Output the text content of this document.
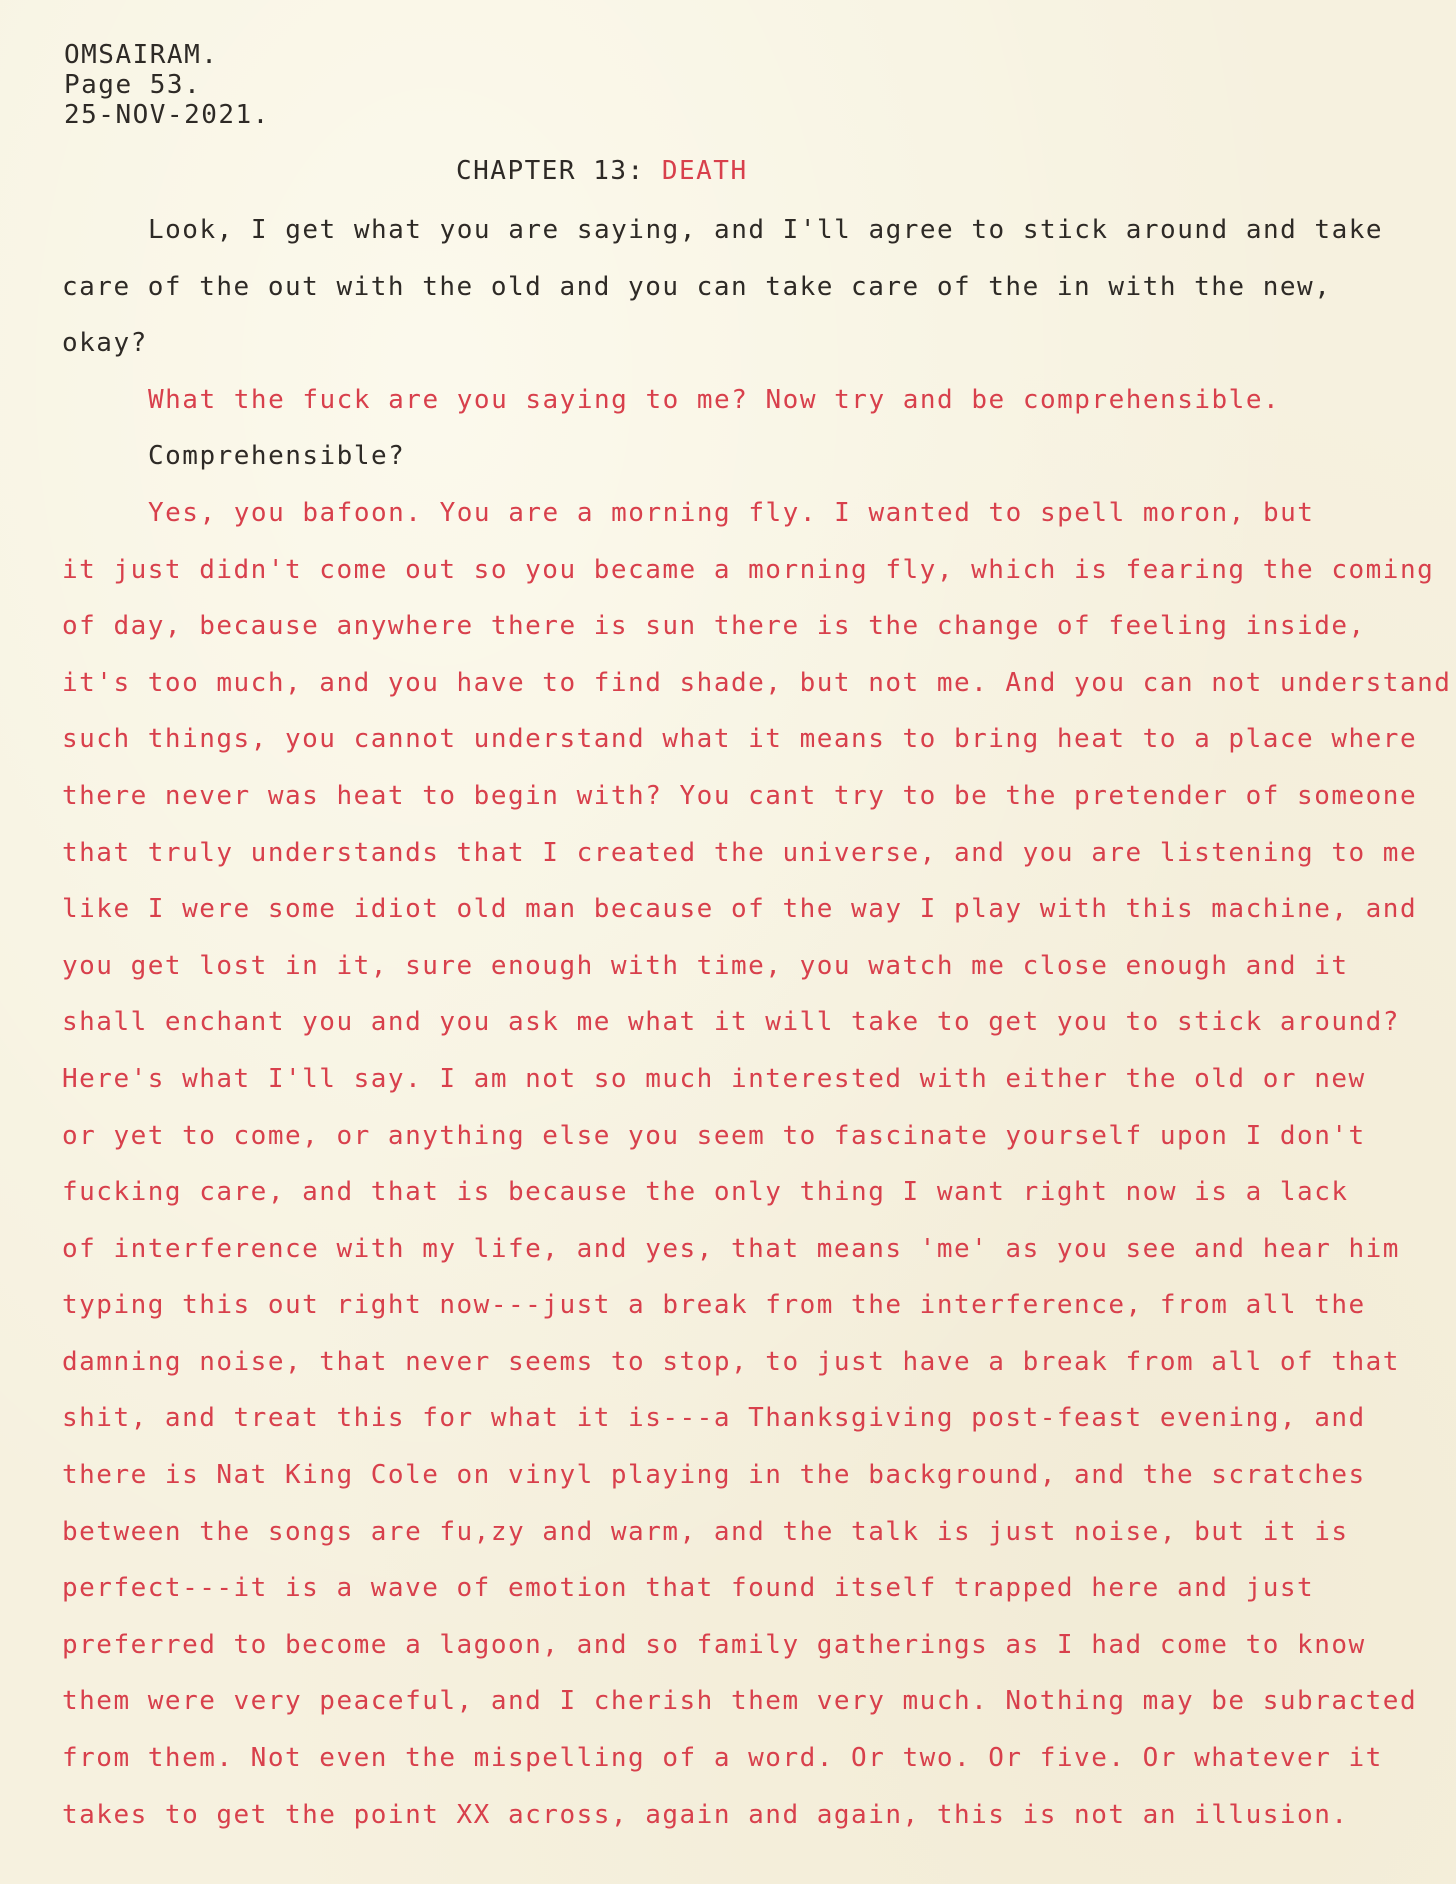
OMSAIRAM.
Page 53.
25-NOV-2021.
CHAPTER 13: DEATH
Look, I get what you are saying, and I'll agree to stick around and take
care of the out with the old and you can take care of the in with the new,
okay?
What the fuck are you saying to me? Now try and be comprehensible.
Comprehensible?
Yes, you bafoon. You are a morning fly. I wanted to spell moron, but
it just didn't come out so you became a morning fly, which is fearing the coming
of day, because anywhere there is sun there is the change of feeling inside,
it's too much, and you have to find shade, but not me. And you can not understand
such things, you cannot understand what it means to bring heat to a place where
there never was heat to begin with? You cant try to be the pretender of someone
that truly understands that I created the universe, and you are listening to me
like I were some idiot old man because of the way I play with this machine, and
you get lost in it, sure enough with time, you watch me close enough and it
shall enchant you and you ask me what it will take to get you to stick around?
Here's what I'll say. I am not so much interested with either the old or new
or yet to come, or anything else you seem to fascinate yourself upon I don't
fucking care, and that is because the only thing I want right now is a lack
of interference with my life, and yes, that means 'me' as you see and hear him
typing this out right now---just a break from the interference, from all the
damning noise, that never seems to stop, to just have a break from all of that
shit, and treat this for what it is---a Thanksgiving post-feast evening, and
there is Nat King Cole on vinyl playing in the background, and the scratches
between the songs are fu,zy and warm, and the talk is just noise, but it is
perfect---it is a wave of emotion that found itself trapped here and just
preferred to become a lagoon, and so family gatherings as I had come to know
them were very peaceful, and I cherish them very much. Nothing may be subracted
from them. Not even the mispelling of a word. Or two. Or five. Or whatever it
takes to get the point XX across, again and again, this is not an illusion.
